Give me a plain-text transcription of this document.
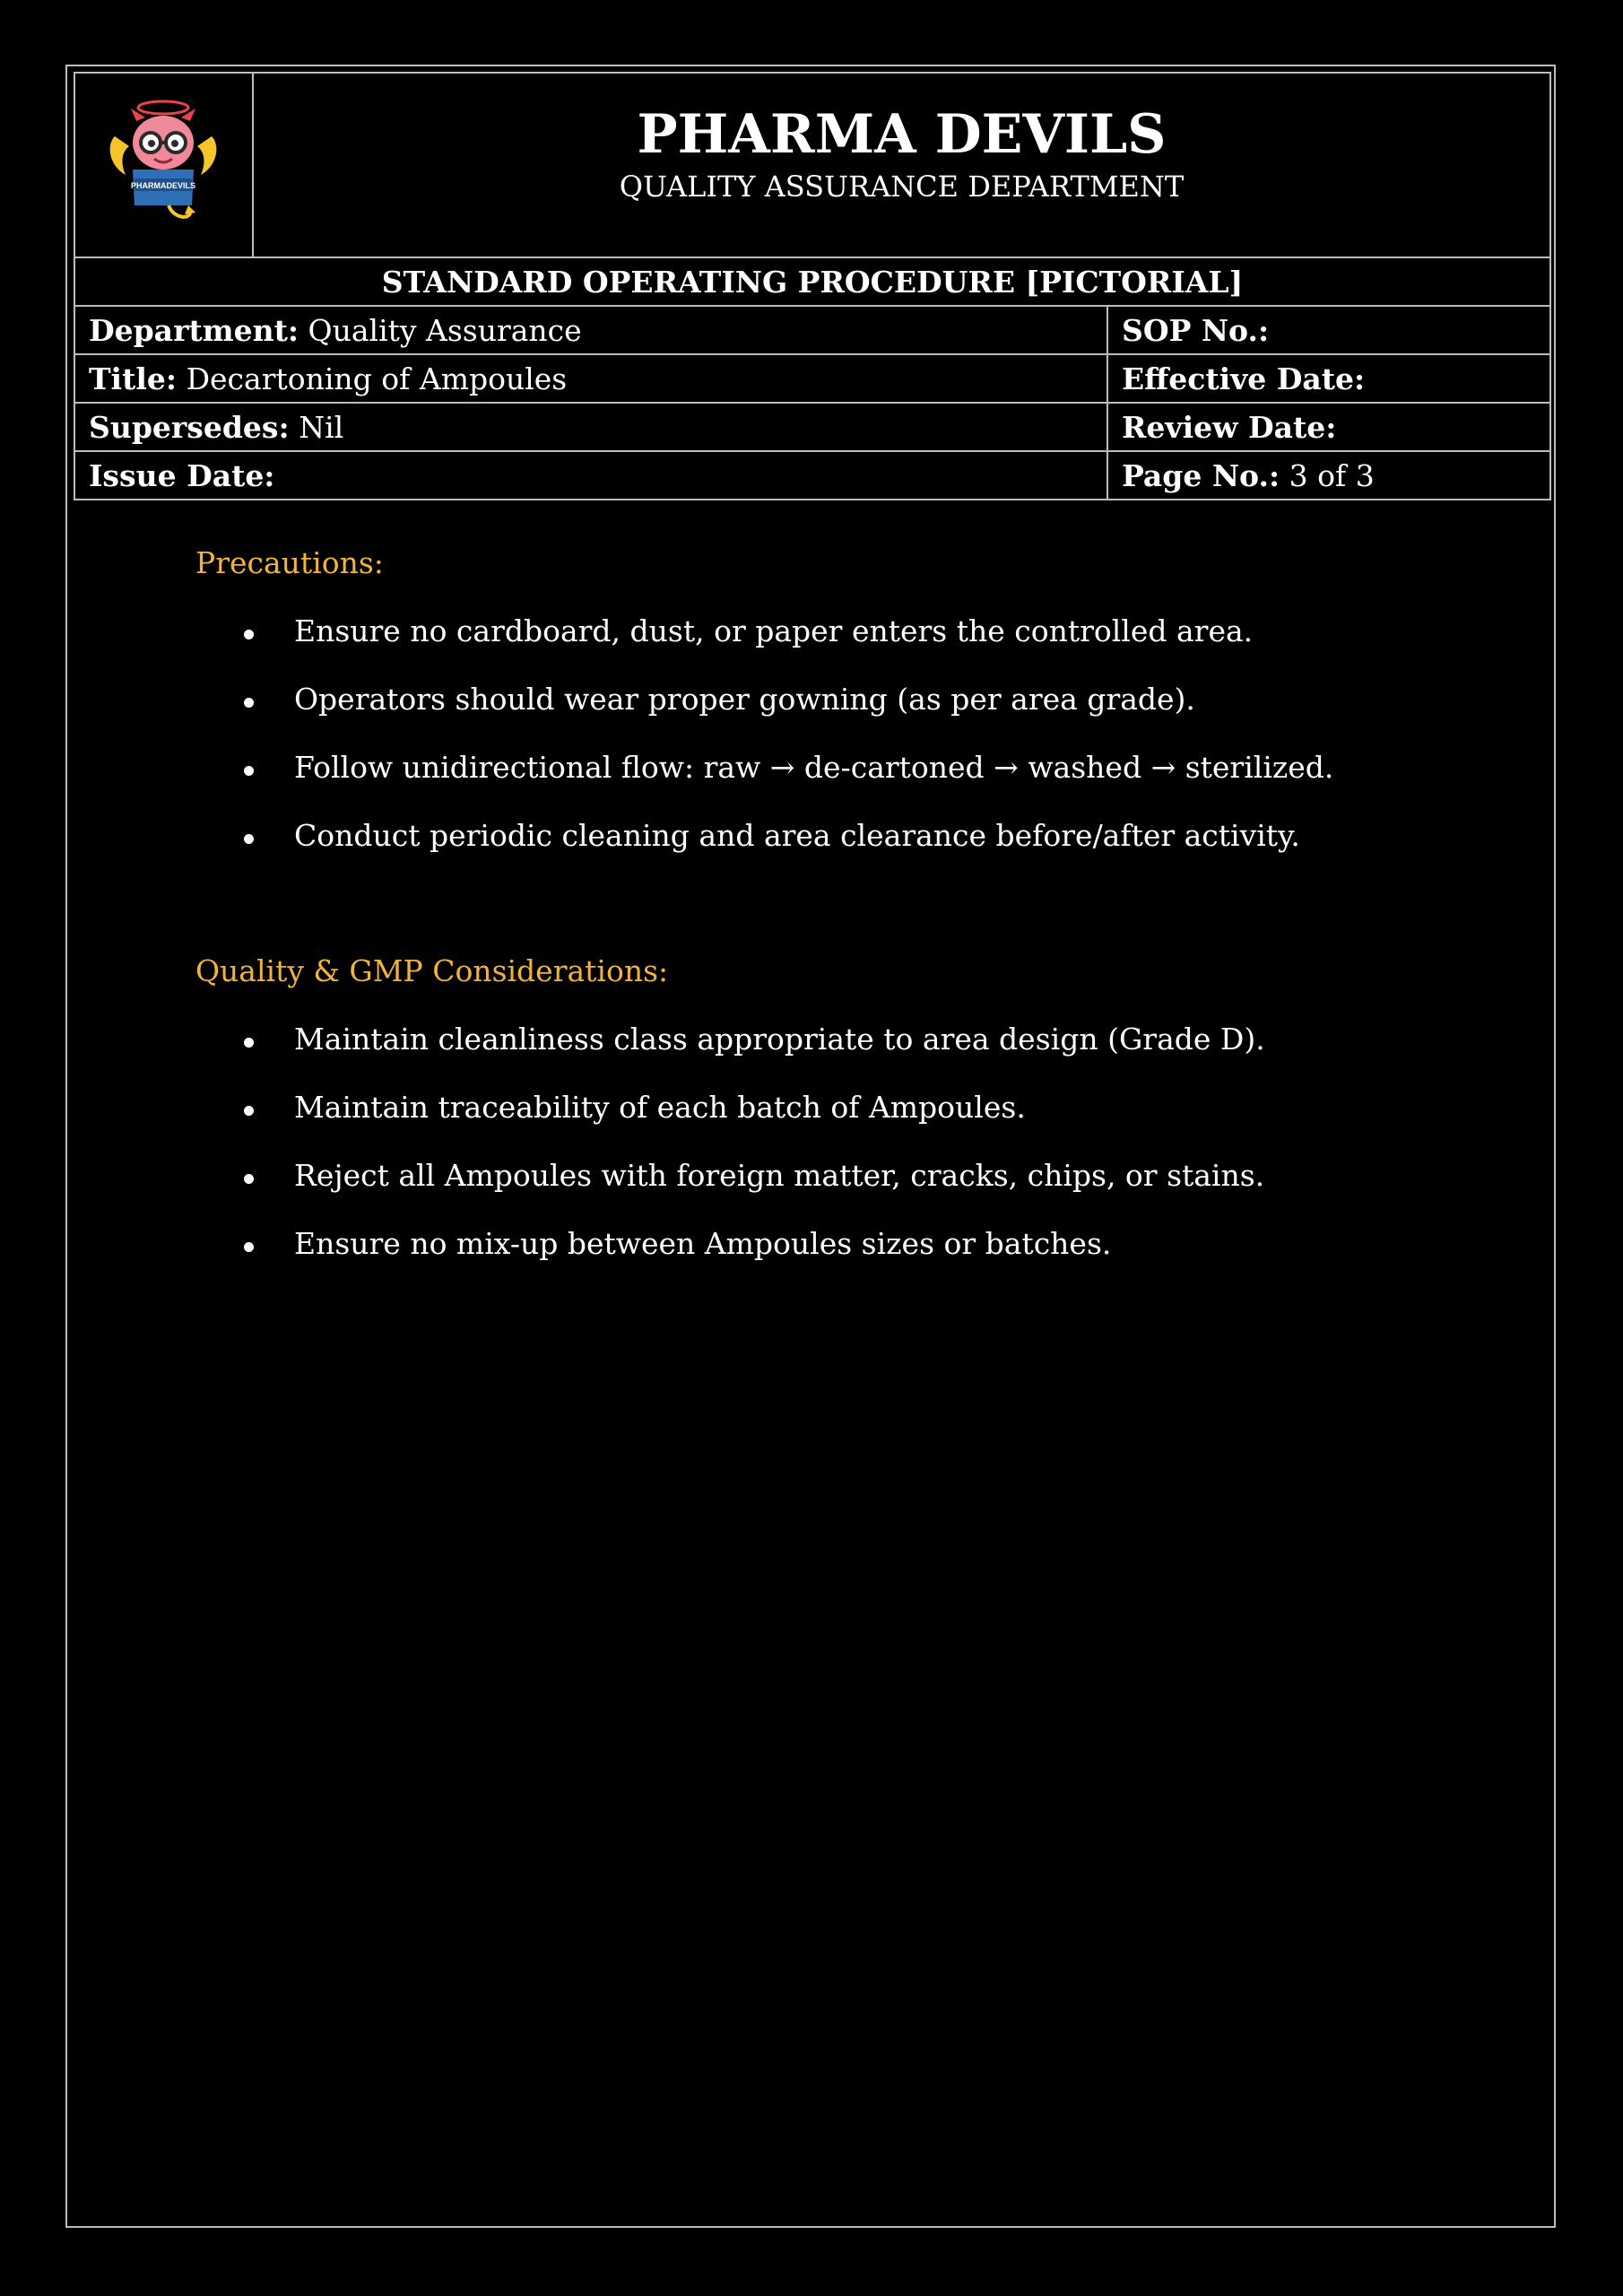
PHARMADEVILS	PHARMA DEVILS
QUALITY ASSURANCE DEPARTMENT	

STANDARD OPERATING PROCEDURE [PICTORIAL]		
Department: Quality Assurance		SOP No.:
Title: Decartoning of Ampoules		Effective Date:
Supersedes: Nil		Review Date:
Issue Date:		Page No.: 3 of 3
Precautions:
Ensure no cardboard, dust, or paper enters the controlled area.
Operators should wear proper gowning (as per area grade).
Follow unidirectional flow: raw → de-cartoned → washed → sterilized.
Conduct periodic cleaning and area clearance before/after activity.
Quality & GMP Considerations:
Maintain cleanliness class appropriate to area design (Grade D).
Maintain traceability of each batch of Ampoules.
Reject all Ampoules with foreign matter, cracks, chips, or stains.
Ensure no mix-up between Ampoules sizes or batches.
